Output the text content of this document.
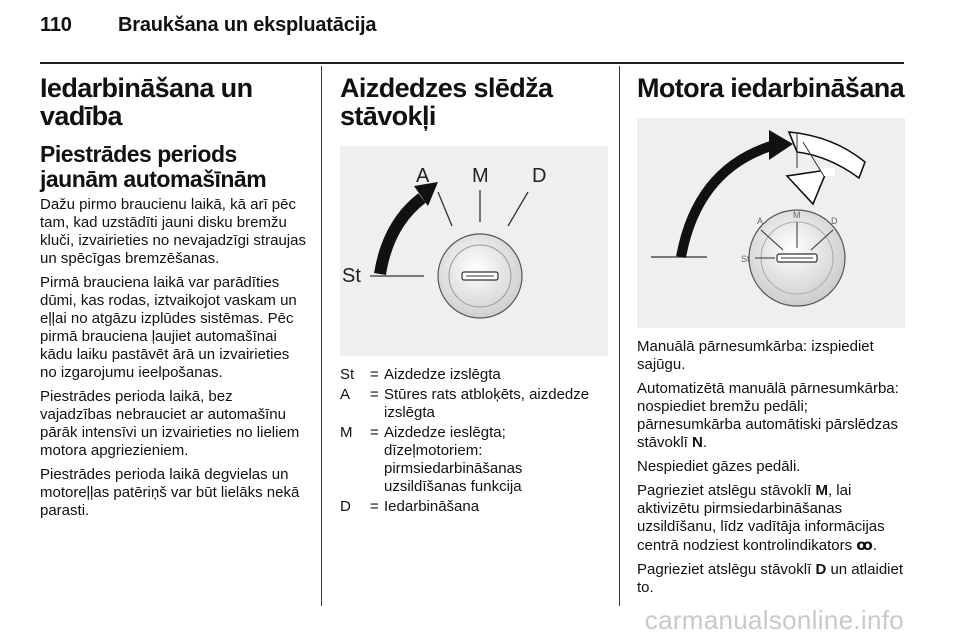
110 Braukšana un ekspluatācija
Iedarbināšana un vadība
Piestrādes periods jaunām automašīnām

Dažu pirmo braucienu laikā, kā arī pēc tam, kad uzstādīti jauni disku bremžu kluči, izvairieties no nevajadzīgi straujas un spēcīgas bremzēšanas.

Pirmā brauciena laikā var parādīties dūmi, kas rodas, iztvaikojot vaskam un eļļai no atgāzu izplūdes sistēmas. Pēc pirmā brauciena ļaujiet automašīnai kādu laiku pastāvēt ārā un izvairieties no izgarojumu ieelpošanas.

Piestrādes perioda laikā, bez vajadzības nebrauciet ar automašīnu pārāk intensīvi un izvairieties no lieliem motora apgriezieniem.

Piestrādes perioda laikā degvielas un motoreļļas patēriņš var būt lielāks nekā parasti.

Aizdedzes slēdža stāvokļi
A M D
St
St	=	Aizdedze izslēgta
A	=	Stūres rats atbloķēts, aizdedze izslēgta
M	=	Aizdedze ieslēgta; dīzeļmotoriem: pirmsiedarbināšanas uzsildīšanas funkcija
D	=	Iedarbināšana
Motora iedarbināšana
St
A
M
D

Manuālā pārnesumkārba: izspiediet sajūgu.

Automatizētā manuālā pārnesumkārba: nospiediet bremžu pedāli; pārnesumkārba automātiski pārslēdzas stāvoklī N.

Nespiediet gāzes pedāli.

Pagrieziet atslēgu stāvoklī M, lai aktivizētu pirmsiedarbināšanas uzsildīšanu, līdz vadītāja informācijas centrā nodziest kontrolindikators ꝏ.

Pagrieziet atslēgu stāvoklī D un atlaidiet to.

carmanualsonline.info
